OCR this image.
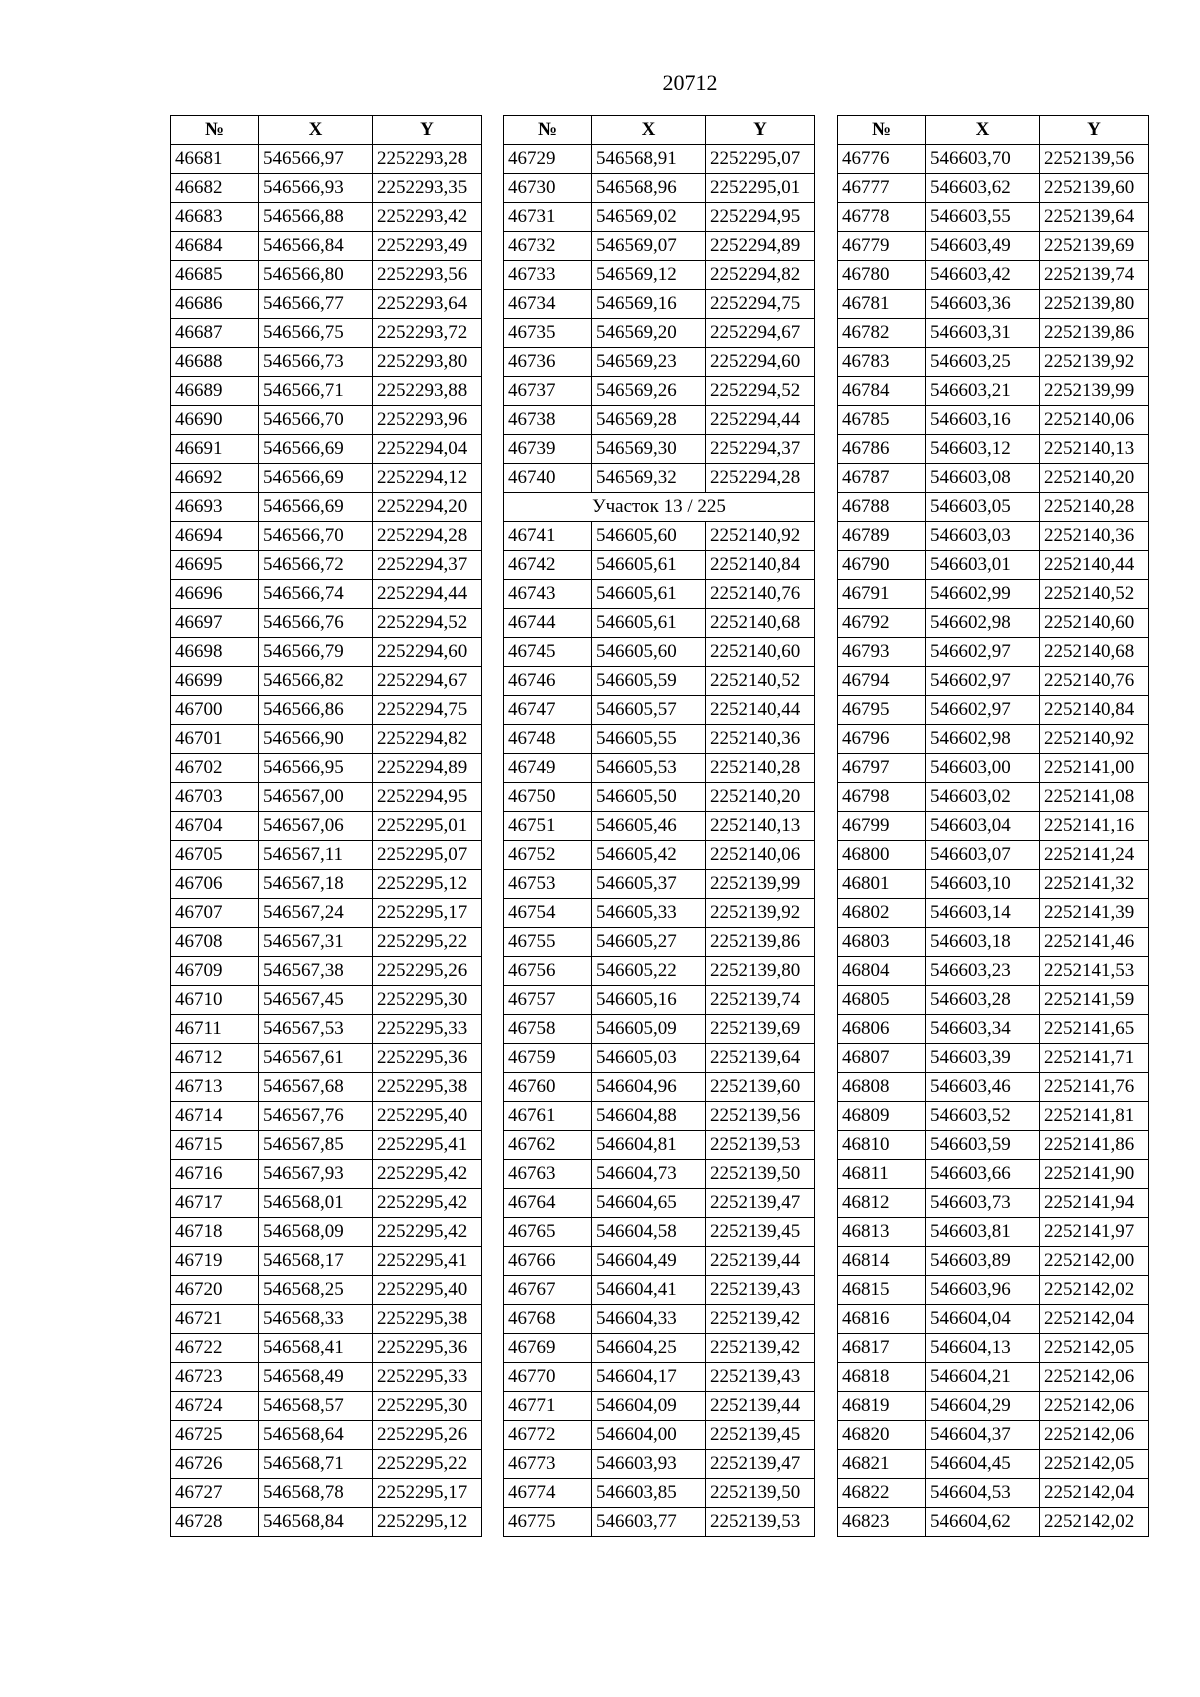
20712
№	X	Y
46681	546566,97	2252293,28
46682	546566,93	2252293,35
46683	546566,88	2252293,42
46684	546566,84	2252293,49
46685	546566,80	2252293,56
46686	546566,77	2252293,64
46687	546566,75	2252293,72
46688	546566,73	2252293,80
46689	546566,71	2252293,88
46690	546566,70	2252293,96
46691	546566,69	2252294,04
46692	546566,69	2252294,12
46693	546566,69	2252294,20
46694	546566,70	2252294,28
46695	546566,72	2252294,37
46696	546566,74	2252294,44
46697	546566,76	2252294,52
46698	546566,79	2252294,60
46699	546566,82	2252294,67
46700	546566,86	2252294,75
46701	546566,90	2252294,82
46702	546566,95	2252294,89
46703	546567,00	2252294,95
46704	546567,06	2252295,01
46705	546567,11	2252295,07
46706	546567,18	2252295,12
46707	546567,24	2252295,17
46708	546567,31	2252295,22
46709	546567,38	2252295,26
46710	546567,45	2252295,30
46711	546567,53	2252295,33
46712	546567,61	2252295,36
46713	546567,68	2252295,38
46714	546567,76	2252295,40
46715	546567,85	2252295,41
46716	546567,93	2252295,42
46717	546568,01	2252295,42
46718	546568,09	2252295,42
46719	546568,17	2252295,41
46720	546568,25	2252295,40
46721	546568,33	2252295,38
46722	546568,41	2252295,36
46723	546568,49	2252295,33
46724	546568,57	2252295,30
46725	546568,64	2252295,26
46726	546568,71	2252295,22
46727	546568,78	2252295,17
46728	546568,84	2252295,12
№	X	Y
46729	546568,91	2252295,07
46730	546568,96	2252295,01
46731	546569,02	2252294,95
46732	546569,07	2252294,89
46733	546569,12	2252294,82
46734	546569,16	2252294,75
46735	546569,20	2252294,67
46736	546569,23	2252294,60
46737	546569,26	2252294,52
46738	546569,28	2252294,44
46739	546569,30	2252294,37
46740	546569,32	2252294,28
Участок 13 / 225		
46741	546605,60	2252140,92
46742	546605,61	2252140,84
46743	546605,61	2252140,76
46744	546605,61	2252140,68
46745	546605,60	2252140,60
46746	546605,59	2252140,52
46747	546605,57	2252140,44
46748	546605,55	2252140,36
46749	546605,53	2252140,28
46750	546605,50	2252140,20
46751	546605,46	2252140,13
46752	546605,42	2252140,06
46753	546605,37	2252139,99
46754	546605,33	2252139,92
46755	546605,27	2252139,86
46756	546605,22	2252139,80
46757	546605,16	2252139,74
46758	546605,09	2252139,69
46759	546605,03	2252139,64
46760	546604,96	2252139,60
46761	546604,88	2252139,56
46762	546604,81	2252139,53
46763	546604,73	2252139,50
46764	546604,65	2252139,47
46765	546604,58	2252139,45
46766	546604,49	2252139,44
46767	546604,41	2252139,43
46768	546604,33	2252139,42
46769	546604,25	2252139,42
46770	546604,17	2252139,43
46771	546604,09	2252139,44
46772	546604,00	2252139,45
46773	546603,93	2252139,47
46774	546603,85	2252139,50
46775	546603,77	2252139,53
№	X	Y
46776	546603,70	2252139,56
46777	546603,62	2252139,60
46778	546603,55	2252139,64
46779	546603,49	2252139,69
46780	546603,42	2252139,74
46781	546603,36	2252139,80
46782	546603,31	2252139,86
46783	546603,25	2252139,92
46784	546603,21	2252139,99
46785	546603,16	2252140,06
46786	546603,12	2252140,13
46787	546603,08	2252140,20
46788	546603,05	2252140,28
46789	546603,03	2252140,36
46790	546603,01	2252140,44
46791	546602,99	2252140,52
46792	546602,98	2252140,60
46793	546602,97	2252140,68
46794	546602,97	2252140,76
46795	546602,97	2252140,84
46796	546602,98	2252140,92
46797	546603,00	2252141,00
46798	546603,02	2252141,08
46799	546603,04	2252141,16
46800	546603,07	2252141,24
46801	546603,10	2252141,32
46802	546603,14	2252141,39
46803	546603,18	2252141,46
46804	546603,23	2252141,53
46805	546603,28	2252141,59
46806	546603,34	2252141,65
46807	546603,39	2252141,71
46808	546603,46	2252141,76
46809	546603,52	2252141,81
46810	546603,59	2252141,86
46811	546603,66	2252141,90
46812	546603,73	2252141,94
46813	546603,81	2252141,97
46814	546603,89	2252142,00
46815	546603,96	2252142,02
46816	546604,04	2252142,04
46817	546604,13	2252142,05
46818	546604,21	2252142,06
46819	546604,29	2252142,06
46820	546604,37	2252142,06
46821	546604,45	2252142,05
46822	546604,53	2252142,04
46823	546604,62	2252142,02
